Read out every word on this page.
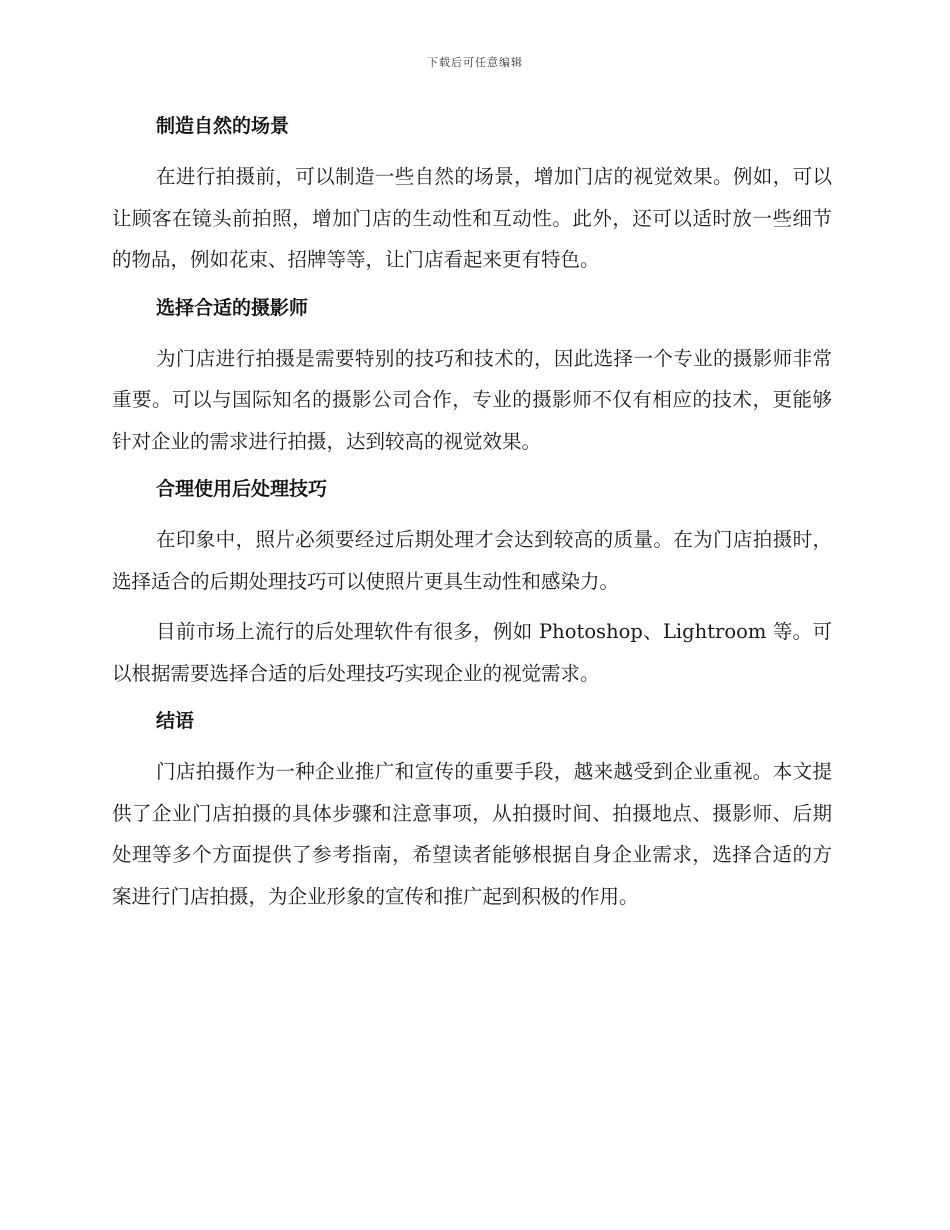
下载后可任意编辑
制造自然的场景

在进行拍摄前，可以制造一些自然的场景，增加门店的视觉效果。例如，可以让顾客在镜头前拍照，增加门店的生动性和互动性。此外，还可以适时放一些细节的物品，例如花束、招牌等等，让门店看起来更有特色。

选择合适的摄影师

为门店进行拍摄是需要特别的技巧和技术的，因此选择一个专业的摄影师非常重要。可以与国际知名的摄影公司合作，专业的摄影师不仅有相应的技术，更能够针对企业的需求进行拍摄，达到较高的视觉效果。

合理使用后处理技巧

在印象中，照片必须要经过后期处理才会达到较高的质量。在为门店拍摄时，选择适合的后期处理技巧可以使照片更具生动性和感染力。

目前市场上流行的后处理软件有很多，例如 Photoshop、Lightroom 等。可以根据需要选择合适的后处理技巧实现企业的视觉需求。

结语

门店拍摄作为一种企业推广和宣传的重要手段，越来越受到企业重视。本文提供了企业门店拍摄的具体步骤和注意事项，从拍摄时间、拍摄地点、摄影师、后期处理等多个方面提供了参考指南，希望读者能够根据自身企业需求，选择合适的方案进行门店拍摄，为企业形象的宣传和推广起到积极的作用。
